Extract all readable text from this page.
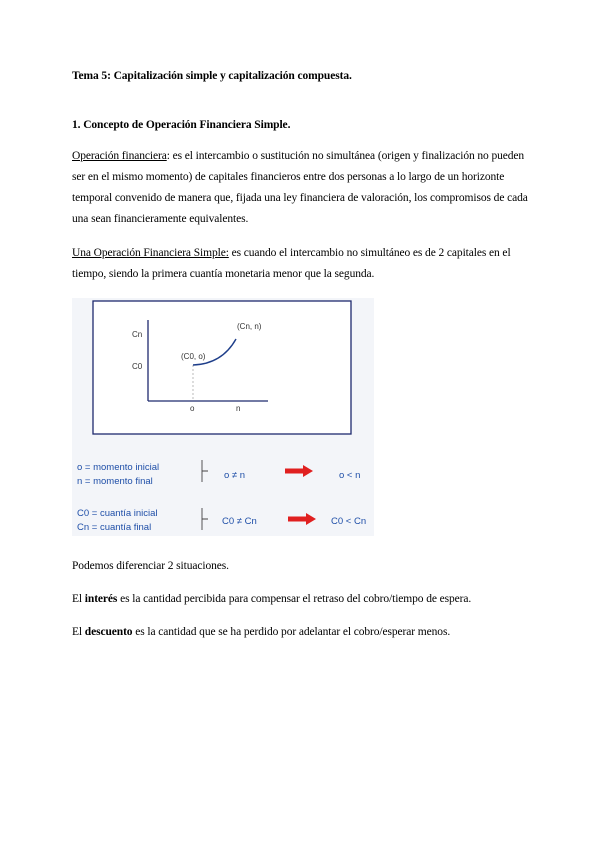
Tema 5: Capitalización simple y capitalización compuesta.
1. Concepto de Operación Financiera Simple.
Operación financiera: es el intercambio o sustitución no simultánea (origen y finalización no pueden ser en el mismo momento) de capitales financieros entre dos personas a lo largo de un horizonte temporal convenido de manera que, fijada una ley financiera de valoración, los compromisos de cada una sean financieramente equivalentes.
Una Operación Financiera Simple: es cuando el intercambio no simultáneo es de 2 capitales en el tiempo, siendo la primera cuantía monetaria menor que la segunda.
Cn
C0
(C0, o)
(Cn, n)
o	n
o = momento inicial
n = momento final
o ≠ n	o < n
C0 = cuantía inicial
Cn = cuantía final
C0 ≠ Cn	C0 < Cn
Podemos diferenciar 2 situaciones.
El interés es la cantidad percibida para compensar el retraso del cobro/tiempo de espera.
El descuento es la cantidad que se ha perdido por adelantar el cobro/esperar menos.
